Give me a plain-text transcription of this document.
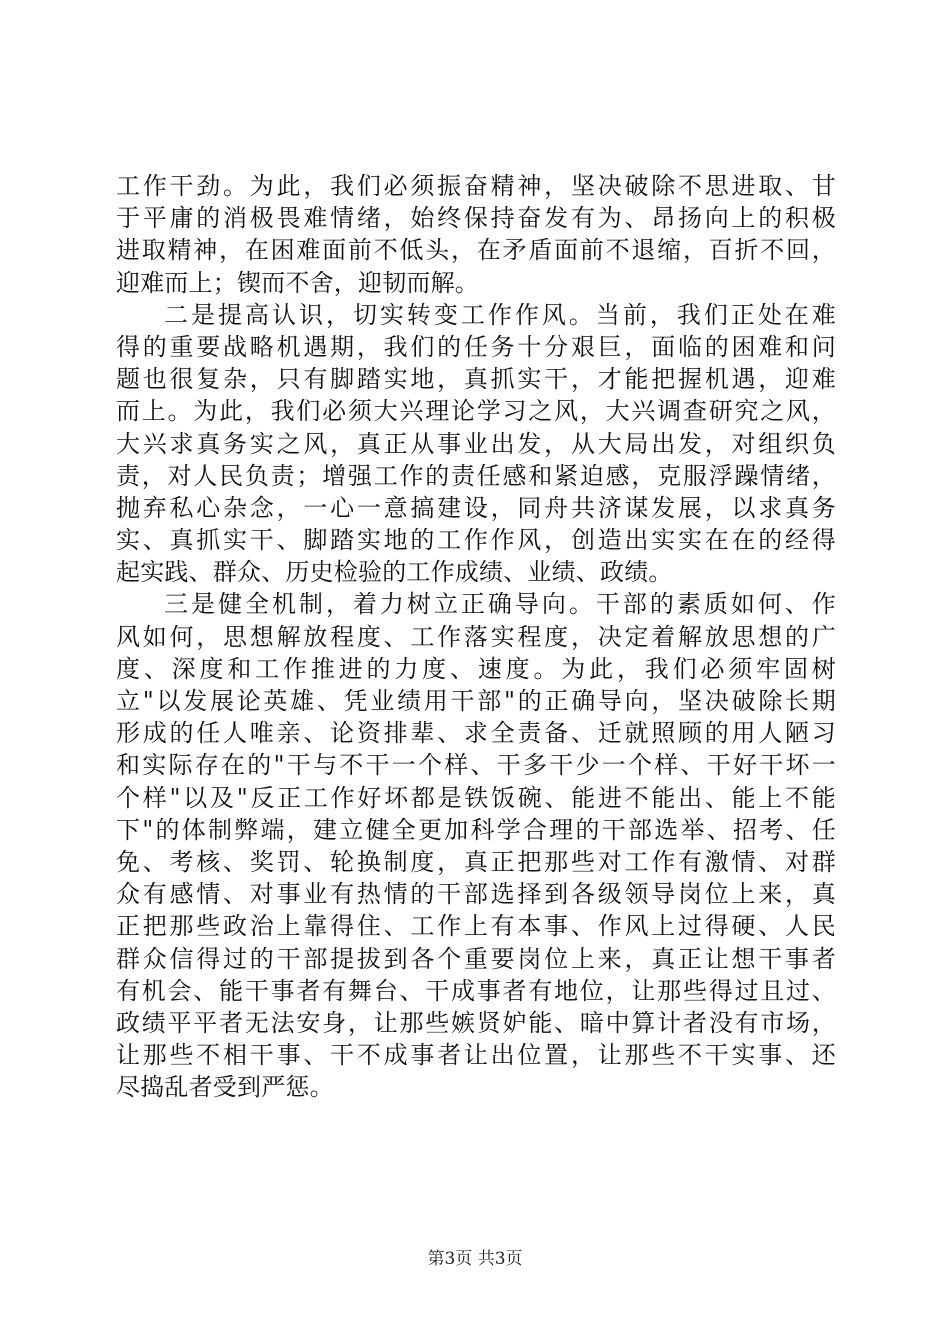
工作干劲。为此，我们必须振奋精神，坚决破除不思进取、甘
于平庸的消极畏难情绪，始终保持奋发有为、昂扬向上的积极
进取精神，在困难面前不低头，在矛盾面前不退缩，百折不回，
迎难而上；锲而不舍，迎韧而解。
二是提高认识，切实转变工作作风。当前，我们正处在难
得的重要战略机遇期，我们的任务十分艰巨，面临的困难和问
题也很复杂，只有脚踏实地，真抓实干，才能把握机遇，迎难
而上。为此，我们必须大兴理论学习之风，大兴调查研究之风，
大兴求真务实之风，真正从事业出发，从大局出发，对组织负
责，对人民负责；增强工作的责任感和紧迫感，克服浮躁情绪，
抛弃私心杂念，一心一意搞建设，同舟共济谋发展，以求真务
实、真抓实干、脚踏实地的工作作风，创造出实实在在的经得
起实践、群众、历史检验的工作成绩、业绩、政绩。
三是健全机制，着力树立正确导向。干部的素质如何、作
风如何，思想解放程度、工作落实程度，决定着解放思想的广
度、深度和工作推进的力度、速度。为此，我们必须牢固树
立"以发展论英雄、凭业绩用干部"的正确导向，坚决破除长期
形成的任人唯亲、论资排辈、求全责备、迁就照顾的用人陋习
和实际存在的"干与不干一个样、干多干少一个样、干好干坏一
个样"以及"反正工作好坏都是铁饭碗、能进不能出、能上不能
下"的体制弊端，建立健全更加科学合理的干部选举、招考、任
免、考核、奖罚、轮换制度，真正把那些对工作有激情、对群
众有感情、对事业有热情的干部选择到各级领导岗位上来，真
正把那些政治上靠得住、工作上有本事、作风上过得硬、人民
群众信得过的干部提拔到各个重要岗位上来，真正让想干事者
有机会、能干事者有舞台、干成事者有地位，让那些得过且过、
政绩平平者无法安身，让那些嫉贤妒能、暗中算计者没有市场，
让那些不相干事、干不成事者让出位置，让那些不干实事、还
尽捣乱者受到严惩。
第3页 共3页
